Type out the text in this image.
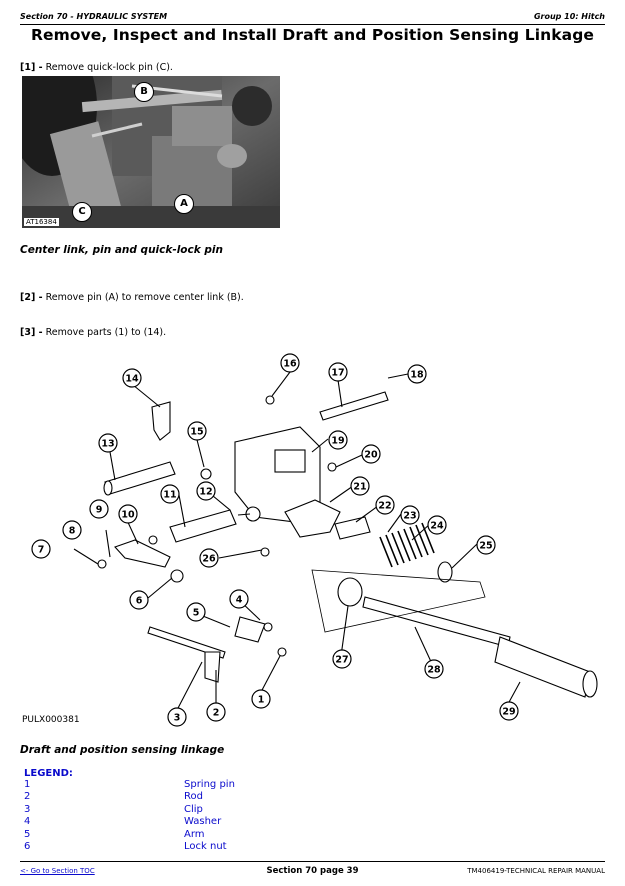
Section 70 - HYDRAULIC SYSTEM	Group 10: Hitch
Remove, Inspect and Install Draft and Position Sensing Linkage
[1] - Remove quick-lock pin (C).
AT16384
B
A
C
Center link, pin and quick-lock pin
[2] - Remove pin (A) to remove center link (B).
[3] - Remove parts (1) to (14).
1
2
3
4
5
6
7
8
9 10
11 12
13
14
15
16
17	18
19
20
21
22
23
24
25
26
27
28
29
PULX000381
Draft and position sensing linkage
LEGEND:
1	Spring pin
2	Rod
3	Clip
4	Washer
5	Arm
6	Lock nut
<- Go to Section TOC	Section 70 page 39	TM406419-TECHNICAL REPAIR MANUAL
